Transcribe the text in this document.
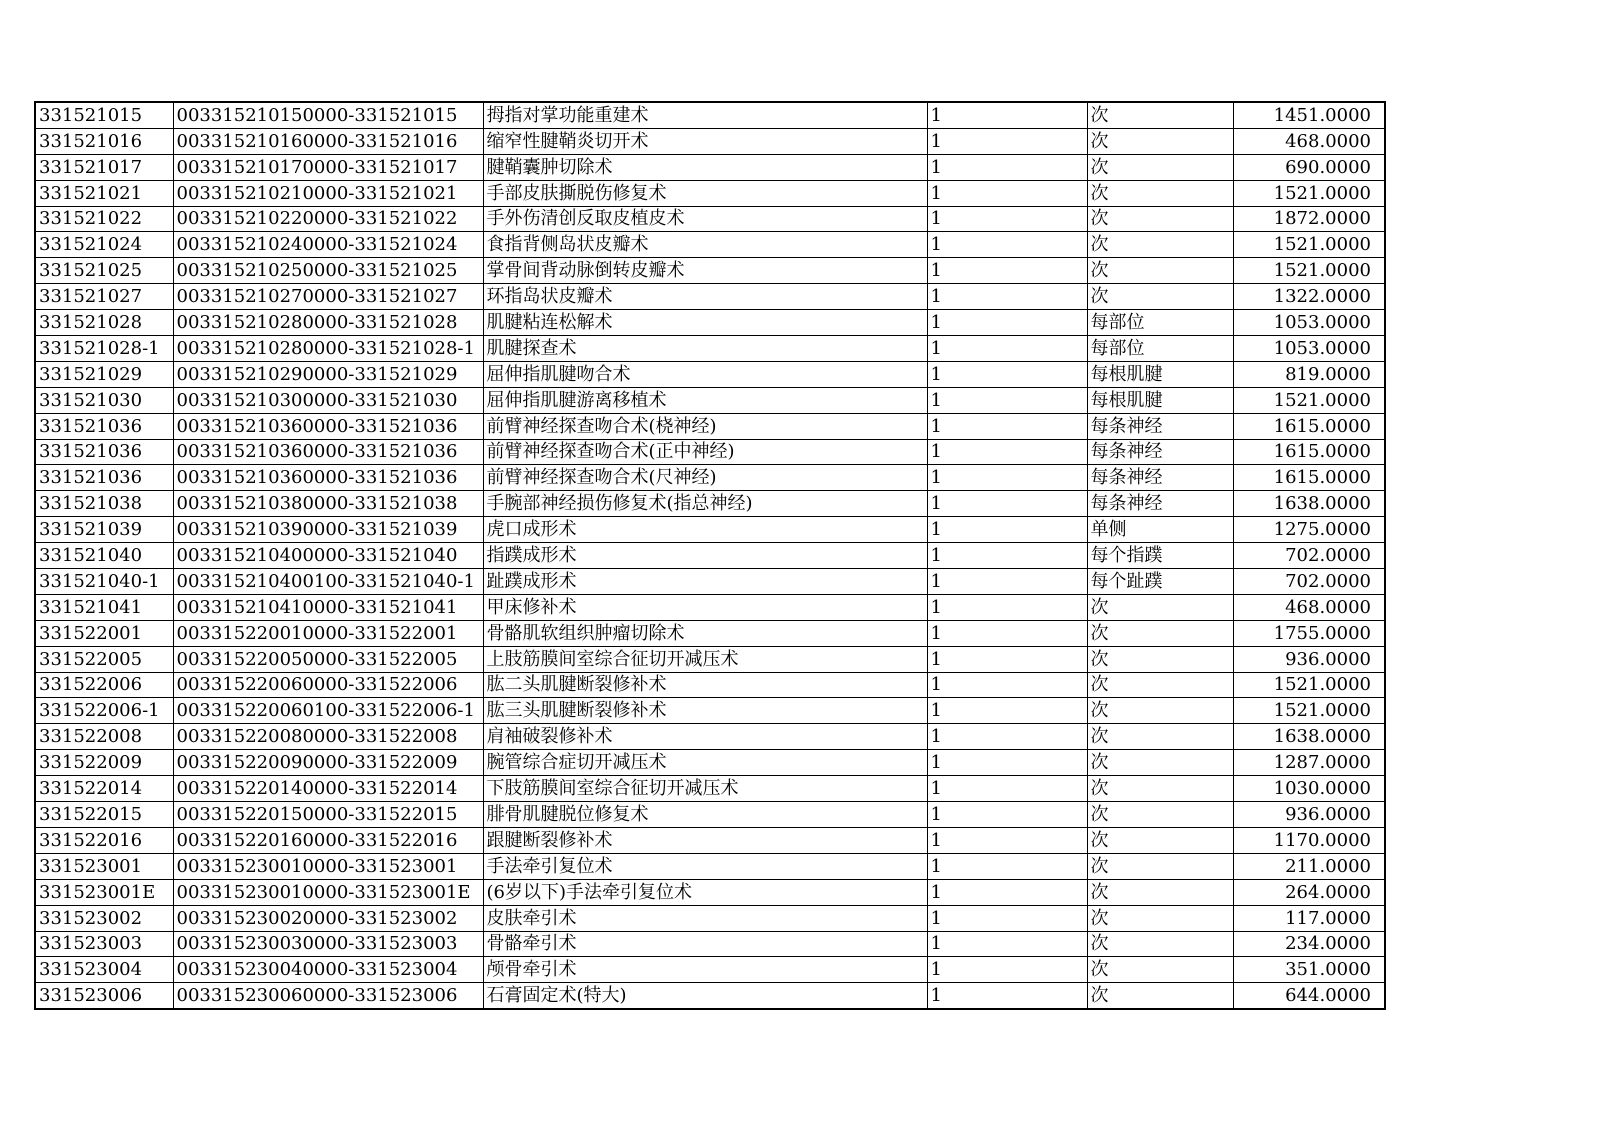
331521015	003315210150000-331521015	拇指对掌功能重建术	1	次	1451.0000
331521016	003315210160000-331521016	缩窄性腱鞘炎切开术	1	次	468.0000
331521017	003315210170000-331521017	腱鞘囊肿切除术	1	次	690.0000
331521021	003315210210000-331521021	手部皮肤撕脱伤修复术	1	次	1521.0000
331521022	003315210220000-331521022	手外伤清创反取皮植皮术	1	次	1872.0000
331521024	003315210240000-331521024	食指背侧岛状皮瓣术	1	次	1521.0000
331521025	003315210250000-331521025	掌骨间背动脉倒转皮瓣术	1	次	1521.0000
331521027	003315210270000-331521027	环指岛状皮瓣术	1	次	1322.0000
331521028	003315210280000-331521028	肌腱粘连松解术	1	每部位	1053.0000
331521028-1	003315210280000-331521028-1	肌腱探查术	1	每部位	1053.0000
331521029	003315210290000-331521029	屈伸指肌腱吻合术	1	每根肌腱	819.0000
331521030	003315210300000-331521030	屈伸指肌腱游离移植术	1	每根肌腱	1521.0000
331521036	003315210360000-331521036	前臂神经探查吻合术(桡神经)	1	每条神经	1615.0000
331521036	003315210360000-331521036	前臂神经探查吻合术(正中神经)	1	每条神经	1615.0000
331521036	003315210360000-331521036	前臂神经探查吻合术(尺神经)	1	每条神经	1615.0000
331521038	003315210380000-331521038	手腕部神经损伤修复术(指总神经)	1	每条神经	1638.0000
331521039	003315210390000-331521039	虎口成形术	1	单侧	1275.0000
331521040	003315210400000-331521040	指蹼成形术	1	每个指蹼	702.0000
331521040-1	003315210400100-331521040-1	趾蹼成形术	1	每个趾蹼	702.0000
331521041	003315210410000-331521041	甲床修补术	1	次	468.0000
331522001	003315220010000-331522001	骨骼肌软组织肿瘤切除术	1	次	1755.0000
331522005	003315220050000-331522005	上肢筋膜间室综合征切开减压术	1	次	936.0000
331522006	003315220060000-331522006	肱二头肌腱断裂修补术	1	次	1521.0000
331522006-1	003315220060100-331522006-1	肱三头肌腱断裂修补术	1	次	1521.0000
331522008	003315220080000-331522008	肩袖破裂修补术	1	次	1638.0000
331522009	003315220090000-331522009	腕管综合症切开减压术	1	次	1287.0000
331522014	003315220140000-331522014	下肢筋膜间室综合征切开减压术	1	次	1030.0000
331522015	003315220150000-331522015	腓骨肌腱脱位修复术	1	次	936.0000
331522016	003315220160000-331522016	跟腱断裂修补术	1	次	1170.0000
331523001	003315230010000-331523001	手法牵引复位术	1	次	211.0000
331523001E	003315230010000-331523001E	(6岁以下)手法牵引复位术	1	次	264.0000
331523002	003315230020000-331523002	皮肤牵引术	1	次	117.0000
331523003	003315230030000-331523003	骨骼牵引术	1	次	234.0000
331523004	003315230040000-331523004	颅骨牵引术	1	次	351.0000
331523006	003315230060000-331523006	石膏固定术(特大)	1	次	644.0000
